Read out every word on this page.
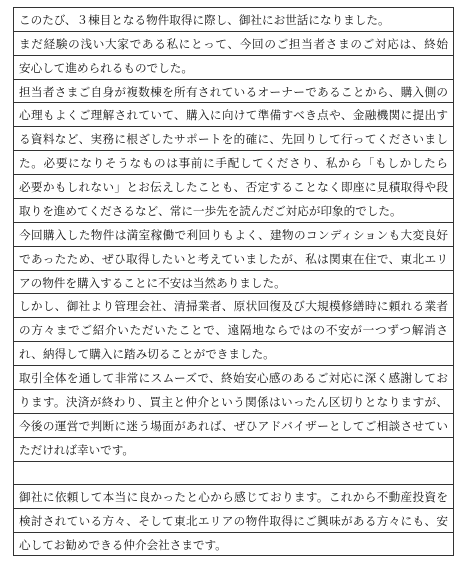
このたび、３棟目となる物件取得に際し、御社にお世話になりました。
まだ経験の浅い大家である私にとって、今回のご担当者さまのご対応は、終始
安心して進められるものでした。
担当者さまご自身が複数棟を所有されているオーナーであることから、購入側の
心理もよくご理解されていて、購入に向けて準備すべき点や、金融機関に提出す
る資料など、実務に根ざしたサポートを的確に、先回りして行ってくださいまし
た。必要になりそうなものは事前に手配してくださり、私から「もしかしたら
必要かもしれない」とお伝えしたことも、否定することなく即座に見積取得や段
取りを進めてくださるなど、常に一歩先を読んだご対応が印象的でした。
今回購入した物件は満室稼働で利回りもよく、建物のコンディションも大変良好
であったため、ぜひ取得したいと考えていましたが、私は関東在住で、東北エリ
アの物件を購入することに不安は当然ありました。
しかし、御社より管理会社、清掃業者、原状回復及び大規模修繕時に頼れる業者
の方々までご紹介いただいたことで、遠隔地ならではの不安が一つずつ解消さ
れ、納得して購入に踏み切ることができました。
取引全体を通して非常にスムーズで、終始安心感のあるご対応に深く感謝してお
ります。決済が終わり、買主と仲介という関係はいったん区切りとなりますが、
今後の運営で判断に迷う場面があれば、ぜひアドバイザーとしてご相談させてい
ただければ幸いです。
御社に依頼して本当に良かったと心から感じております。これから不動産投資を
検討されている方々、そして東北エリアの物件取得にご興味がある方々にも、安
心してお勧めできる仲介会社さまです。
